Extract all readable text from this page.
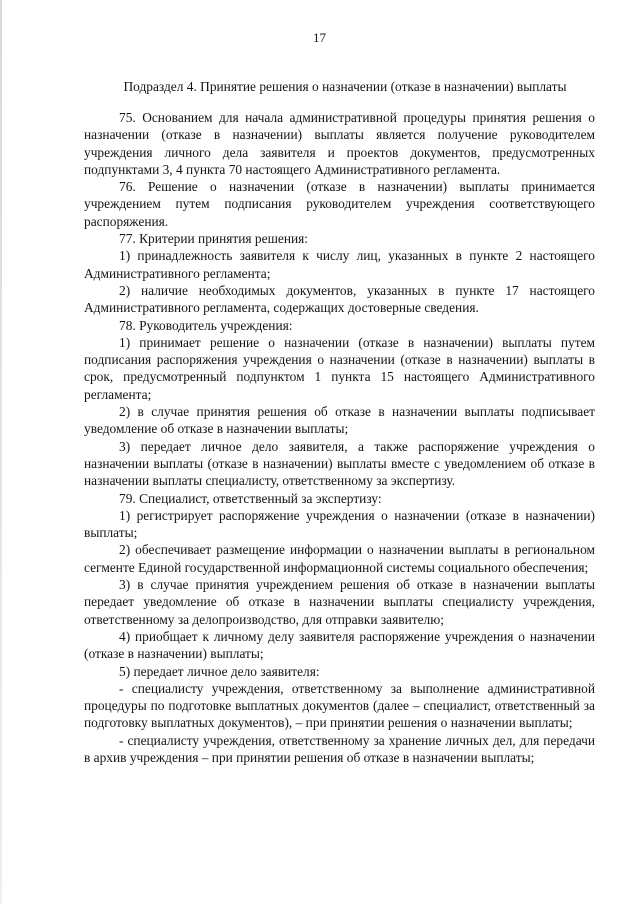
17
Подраздел 4. Принятие решения о назначении (отказе в назначении) выплаты

75. Основанием для начала административной процедуры принятия решения о назначении (отказе в назначении) выплаты является получение руководителем учреждения личного дела заявителя и проектов документов, предусмотренных подпунктами 3, 4 пункта 70 настоящего Административного регламента.

76. Решение о назначении (отказе в назначении) выплаты принимается учреждением путем подписания руководителем учреждения соответствующего распоряжения.

77. Критерии принятия решения:

1) принадлежность заявителя к числу лиц, указанных в пункте 2 настоящего Административного регламента;

2) наличие необходимых документов, указанных в пункте 17 настоящего Административного регламента, содержащих достоверные сведения.

78. Руководитель учреждения:

1) принимает решение о назначении (отказе в назначении) выплаты путем подписания распоряжения учреждения о назначении (отказе в назначении) выплаты в срок, предусмотренный подпунктом 1 пункта 15 настоящего Административного регламента;

2) в случае принятия решения об отказе в назначении выплаты подписывает уведомление об отказе в назначении выплаты;

3) передает личное дело заявителя, а также распоряжение учреждения о назначении выплаты (отказе в назначении) выплаты вместе с уведомлением об отказе в назначении выплаты специалисту, ответственному за экспертизу.

79. Специалист, ответственный за экспертизу:

1) регистрирует распоряжение учреждения о назначении (отказе в назначении) выплаты;

2) обеспечивает размещение информации о назначении выплаты в региональном сегменте Единой государственной информационной системы социального обеспечения;

3) в случае принятия учреждением решения об отказе в назначении выплаты передает уведомление об отказе в назначении выплаты специалисту учреждения, ответственному за делопроизводство, для отправки заявителю;

4) приобщает к личному делу заявителя распоряжение учреждения о назначении (отказе в назначении) выплаты;

5) передает личное дело заявителя:

- специалисту учреждения, ответственному за выполнение административной процедуры по подготовке выплатных документов (далее – специалист, ответственный за подготовку выплатных документов), – при принятии решения о назначении выплаты;

- специалисту учреждения, ответственному за хранение личных дел, для передачи в архив учреждения – при принятии решения об отказе в назначении выплаты;
